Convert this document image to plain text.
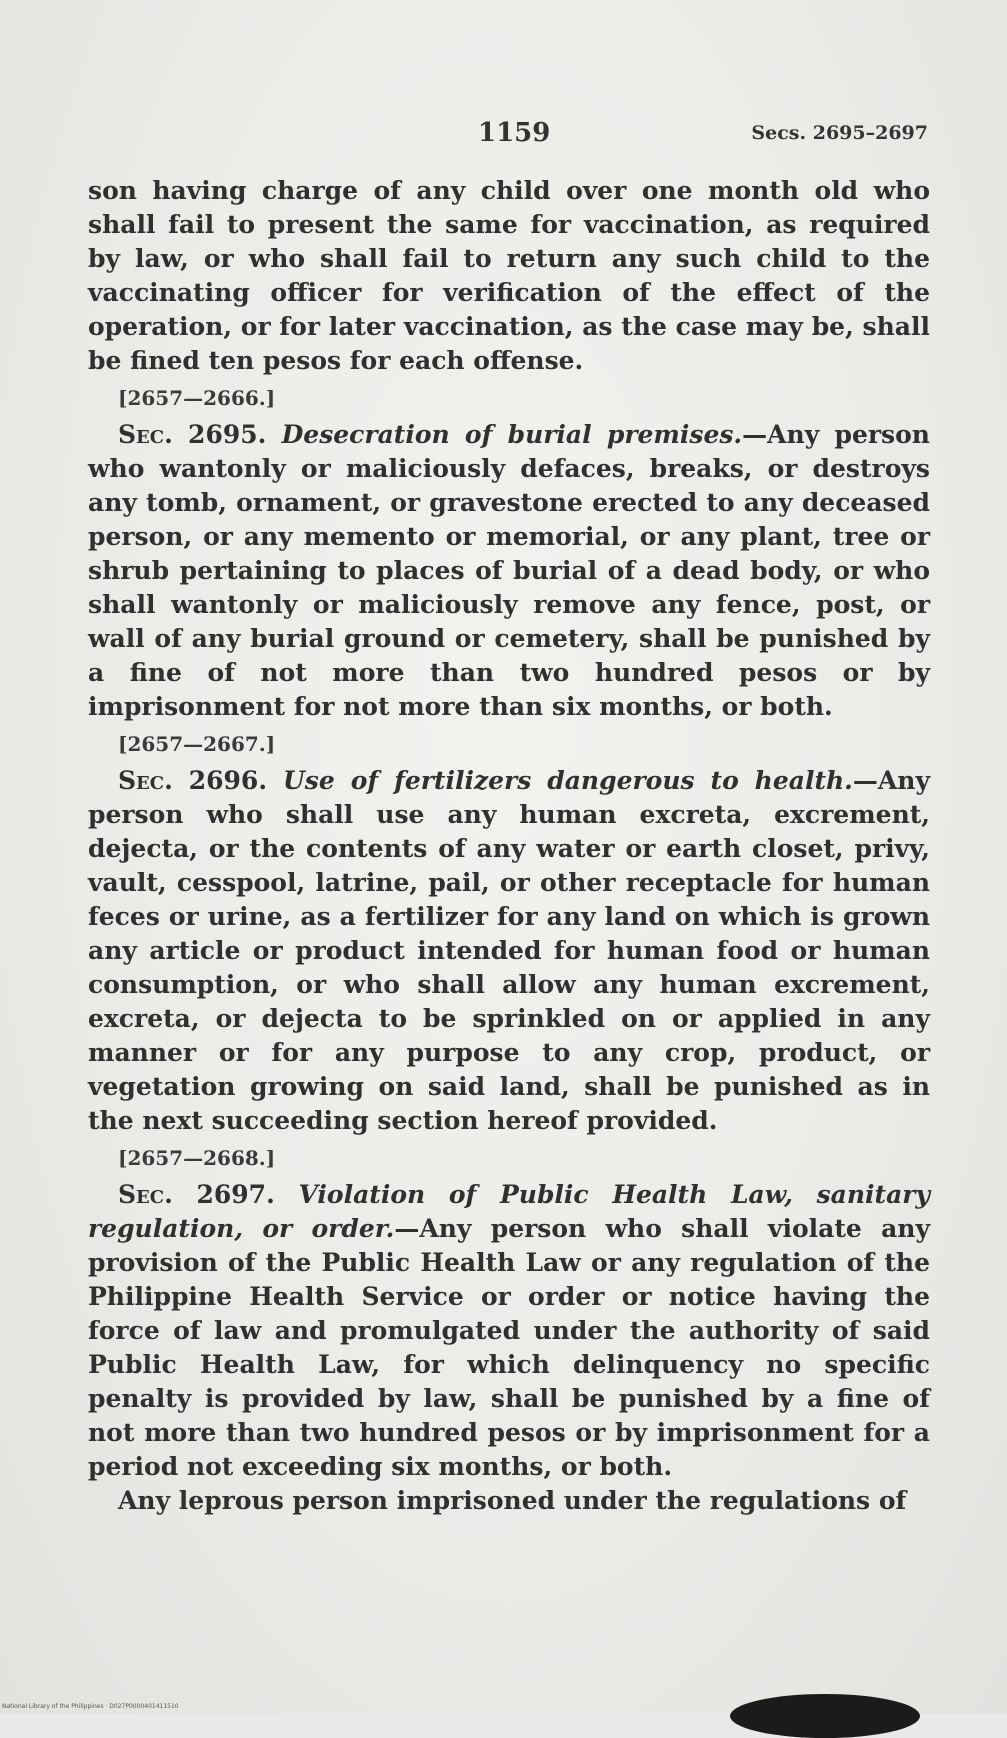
1159	Secs. 2695–2697

son having charge of any child over one month old who shall fail to present the same for vaccination, as required by law, or who shall fail to return any such child to the vaccinating officer for verification of the effect of the operation, or for later vaccination, as the case may be, shall be fined ten pesos for each offense.

[2657—2666.]

Sec. 2695. Desecration of burial premises.—Any person who wantonly or maliciously defaces, breaks, or destroys any tomb, ornament, or gravestone erected to any deceased person, or any memento or memorial, or any plant, tree or shrub pertaining to places of burial of a dead body, or who shall wantonly or maliciously remove any fence, post, or wall of any burial ground or cemetery, shall be punished by a fine of not more than two hundred pesos or by imprisonment for not more than six months, or both.

[2657—2667.]

Sec. 2696. Use of fertilizers dangerous to health.—Any person who shall use any human excreta, excrement, dejecta, or the contents of any water or earth closet, privy, vault, cesspool, latrine, pail, or other receptacle for human feces or urine, as a fertilizer for any land on which is grown any article or product intended for human food or human consumption, or who shall allow any human excrement, excreta, or dejecta to be sprinkled on or applied in any manner or for any purpose to any crop, product, or vegetation growing on said land, shall be punished as in the next succeeding section hereof provided.

[2657—2668.]

Sec. 2697. Violation of Public Health Law, sanitary regulation, or order.—Any person who shall violate any provision of the Public Health Law or any regulation of the Philippine Health Service or order or notice having the force of law and promulgated under the authority of said Public Health Law, for which delinquency no specific penalty is provided by law, shall be punished by a fine of not more than two hundred pesos or by imprisonment for a period not exceeding six months, or both.

Any leprous person imprisoned under the regulations of

National Library of the Philippines · D027P0000401411510
